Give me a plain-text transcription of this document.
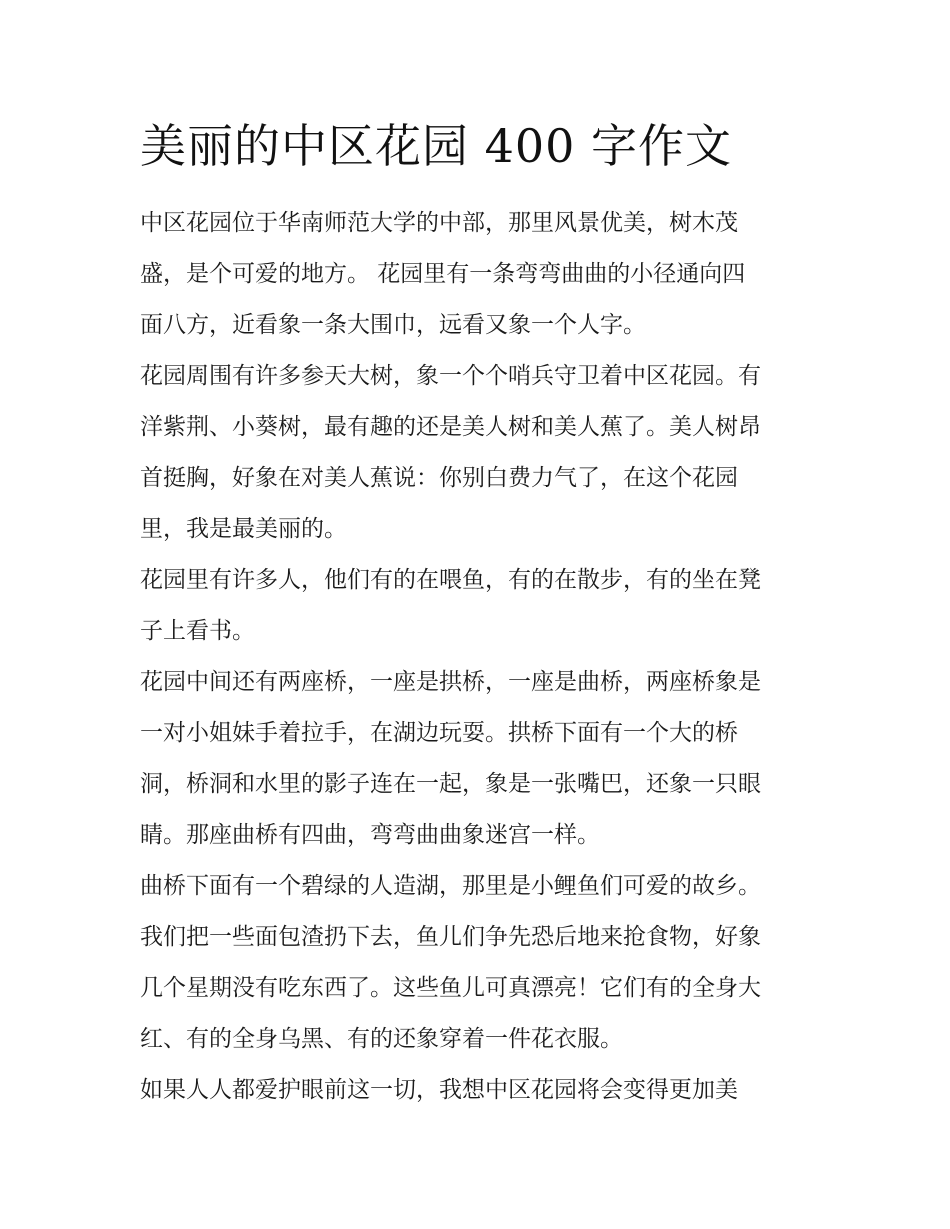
美丽的中区花园 400 字作文
中区花园位于华南师范大学的中部，那里风景优美，树木茂
盛，是个可爱的地方。 花园里有一条弯弯曲曲的小径通向四
面八方，近看象一条大围巾，远看又象一个人字。
花园周围有许多参天大树，象一个个哨兵守卫着中区花园。有
洋紫荆、小葵树，最有趣的还是美人树和美人蕉了。美人树昂
首挺胸，好象在对美人蕉说：你别白费力气了，在这个花园
里，我是最美丽的。
花园里有许多人，他们有的在喂鱼，有的在散步，有的坐在凳
子上看书。
花园中间还有两座桥，一座是拱桥，一座是曲桥，两座桥象是
一对小姐妹手着拉手，在湖边玩耍。拱桥下面有一个大的桥
洞，桥洞和水里的影子连在一起，象是一张嘴巴，还象一只眼
睛。那座曲桥有四曲，弯弯曲曲象迷宫一样。
曲桥下面有一个碧绿的人造湖，那里是小鲤鱼们可爱的故乡。
我们把一些面包渣扔下去，鱼儿们争先恐后地来抢食物，好象
几个星期没有吃东西了。这些鱼儿可真漂亮！它们有的全身大
红、有的全身乌黑、有的还象穿着一件花衣服。
如果人人都爱护眼前这一切，我想中区花园将会变得更加美
